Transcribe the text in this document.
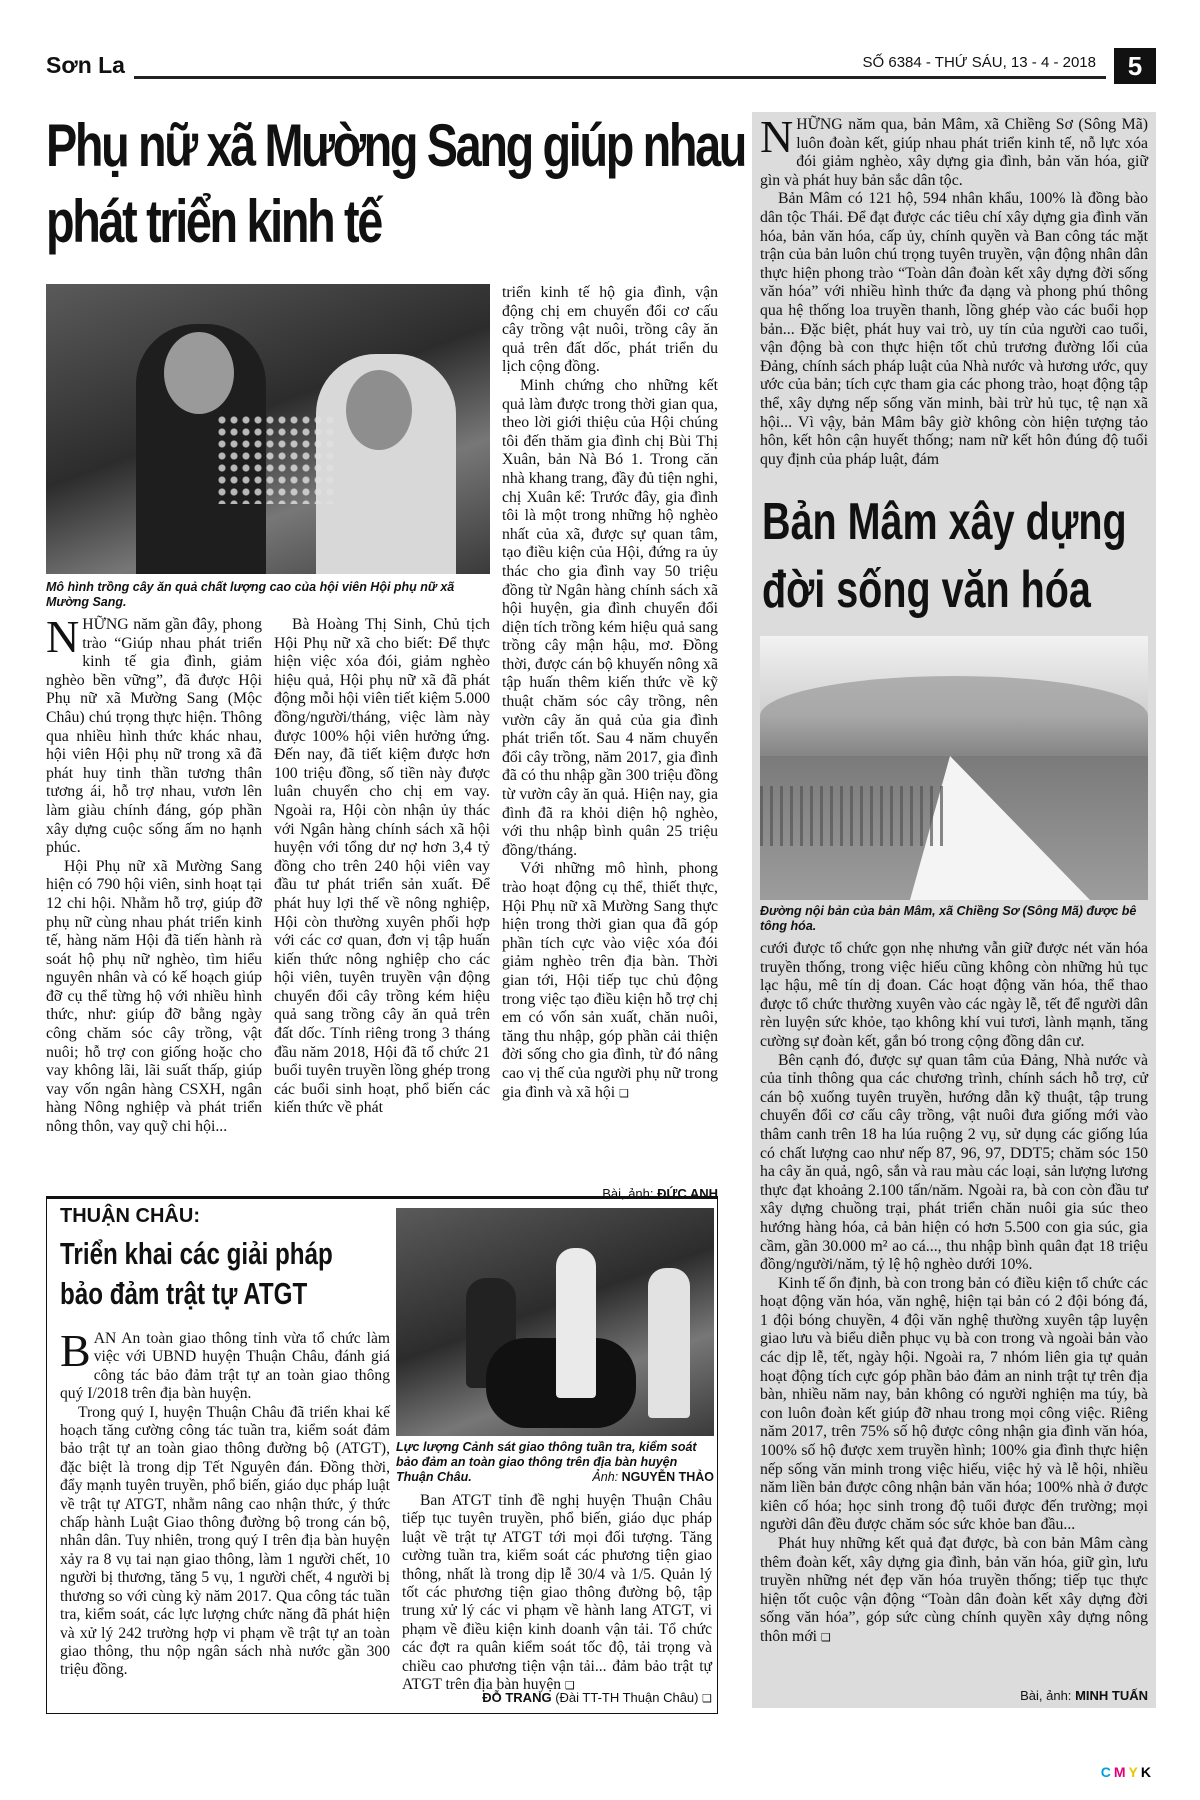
Sơn La	SỐ 6384 - THỨ SÁU, 13 - 4 - 2018	5
Phụ nữ xã Mường Sang giúp nhau
phát triển kinh tế
Mô hình trồng cây ăn quả chất lượng cao của hội viên Hội phụ nữ xã Mường Sang.

NHỮNG năm gần đây, phong trào “Giúp nhau phát triển kinh tế gia đình, giảm nghèo bền vững”, đã được Hội Phụ nữ xã Mường Sang (Mộc Châu) chú trọng thực hiện. Thông qua nhiều hình thức khác nhau, hội viên Hội phụ nữ trong xã đã phát huy tinh thần tương thân tương ái, hỗ trợ nhau, vươn lên làm giàu chính đáng, góp phần xây dựng cuộc sống ấm no hạnh phúc.

Hội Phụ nữ xã Mường Sang hiện có 790 hội viên, sinh hoạt tại 12 chi hội. Nhằm hỗ trợ, giúp đỡ phụ nữ cùng nhau phát triển kinh tế, hàng năm Hội đã tiến hành rà soát hộ phụ nữ nghèo, tìm hiểu nguyên nhân và có kế hoạch giúp đỡ cụ thể từng hộ với nhiều hình thức, như: giúp đỡ bằng ngày công chăm sóc cây trồng, vật nuôi; hỗ trợ con giống hoặc cho vay không lãi, lãi suất thấp, giúp vay vốn ngân hàng CSXH, ngân hàng Nông nghiệp và phát triển nông thôn, vay quỹ chi hội...

Bà Hoàng Thị Sinh, Chủ tịch Hội Phụ nữ xã cho biết: Để thực hiện việc xóa đói, giảm nghèo hiệu quả, Hội phụ nữ xã đã phát động mỗi hội viên tiết kiệm 5.000 đồng/người/tháng, việc làm này được 100% hội viên hưởng ứng. Đến nay, đã tiết kiệm được hơn 100 triệu đồng, số tiền này được luân chuyển cho chị em vay. Ngoài ra, Hội còn nhận ủy thác với Ngân hàng chính sách xã hội huyện với tổng dư nợ hơn 3,4 tỷ đồng cho trên 240 hội viên vay đầu tư phát triển sản xuất. Để phát huy lợi thế về nông nghiệp, Hội còn thường xuyên phối hợp với các cơ quan, đơn vị tập huấn kiến thức nông nghiệp cho các hội viên, tuyên truyền vận động chuyển đổi cây trồng kém hiệu quả sang trồng cây ăn quả trên đất dốc. Tính riêng trong 3 tháng đầu năm 2018, Hội đã tổ chức 21 buổi tuyên truyền lồng ghép trong các buổi sinh hoạt, phổ biến các kiến thức về phát

triển kinh tế hộ gia đình, vận động chị em chuyển đổi cơ cấu cây trồng vật nuôi, trồng cây ăn quả trên đất dốc, phát triển du lịch cộng đồng.

Minh chứng cho những kết quả làm được trong thời gian qua, theo lời giới thiệu của Hội chúng tôi đến thăm gia đình chị Bùi Thị Xuân, bản Nà Bó 1. Trong căn nhà khang trang, đầy đủ tiện nghi, chị Xuân kể: Trước đây, gia đình tôi là một trong những hộ nghèo nhất của xã, được sự quan tâm, tạo điều kiện của Hội, đứng ra ủy thác cho gia đình vay 50 triệu đồng từ Ngân hàng chính sách xã hội huyện, gia đình chuyển đổi diện tích trồng kém hiệu quả sang trồng cây mận hậu, mơ. Đồng thời, được cán bộ khuyến nông xã tập huấn thêm kiến thức về kỹ thuật chăm sóc cây trồng, nên vườn cây ăn quả của gia đình phát triển tốt. Sau 4 năm chuyển đổi cây trồng, năm 2017, gia đình đã có thu nhập gần 300 triệu đồng từ vườn cây ăn quả. Hiện nay, gia đình đã ra khỏi diện hộ nghèo, với thu nhập bình quân 25 triệu đồng/tháng.

Với những mô hình, phong trào hoạt động cụ thể, thiết thực, Hội Phụ nữ xã Mường Sang thực hiện trong thời gian qua đã góp phần tích cực vào việc xóa đói giảm nghèo trên địa bàn. Thời gian tới, Hội tiếp tục chủ động trong việc tạo điều kiện hỗ trợ chị em có vốn sản xuất, chăn nuôi, tăng thu nhập, góp phần cải thiện đời sống cho gia đình, từ đó nâng cao vị thế của người phụ nữ trong gia đình và xã hội ❑

Bài, ảnh: ĐỨC ANH
THUẬN CHÂU:
Triển khai các giải pháp
bảo đảm trật tự ATGT
Lực lượng Cảnh sát giao thông tuần tra, kiểm soát bảo đảm an toàn giao thông trên địa bàn huyện Thuận Châu.	Ảnh: NGUYỄN THẢO

BAN An toàn giao thông tỉnh vừa tổ chức làm việc với UBND huyện Thuận Châu, đánh giá công tác bảo đảm trật tự an toàn giao thông quý I/2018 trên địa bàn huyện.

Trong quý I, huyện Thuận Châu đã triển khai kế hoạch tăng cường công tác tuần tra, kiểm soát đảm bảo trật tự an toàn giao thông đường bộ (ATGT), đặc biệt là trong dịp Tết Nguyên đán. Đồng thời, đẩy mạnh tuyên truyền, phổ biến, giáo dục pháp luật về trật tự ATGT, nhằm nâng cao nhận thức, ý thức chấp hành Luật Giao thông đường bộ trong cán bộ, nhân dân. Tuy nhiên, trong quý I trên địa bàn huyện xảy ra 8 vụ tai nạn giao thông, làm 1 người chết, 10 người bị thương, tăng 5 vụ, 1 người chết, 4 người bị thương so với cùng kỳ năm 2017. Qua công tác tuần tra, kiểm soát, các lực lượng chức năng đã phát hiện và xử lý 242 trường hợp vi phạm về trật tự an toàn giao thông, thu nộp ngân sách nhà nước gần 300 triệu đồng.

Ban ATGT tỉnh đề nghị huyện Thuận Châu tiếp tục tuyên truyền, phổ biến, giáo dục pháp luật về trật tự ATGT tới mọi đối tượng. Tăng cường tuần tra, kiểm soát các phương tiện giao thông, nhất là trong dịp lễ 30/4 và 1/5. Quản lý tốt các phương tiện giao thông đường bộ, tập trung xử lý các vi phạm về hành lang ATGT, vi phạm về điều kiện kinh doanh vận tải. Tổ chức các đợt ra quân kiểm soát tốc độ, tải trọng và chiều cao phương tiện vận tải... đảm bảo trật tự ATGT trên địa bàn huyện ❑

ĐỖ TRANG (Đài TT-TH Thuận Châu) ❑

NHỮNG năm qua, bản Mâm, xã Chiềng Sơ (Sông Mã) luôn đoàn kết, giúp nhau phát triển kinh tế, nỗ lực xóa đói giảm nghèo, xây dựng gia đình, bản văn hóa, giữ gìn và phát huy bản sắc dân tộc.

Bản Mâm có 121 hộ, 594 nhân khẩu, 100% là đồng bào dân tộc Thái. Để đạt được các tiêu chí xây dựng gia đình văn hóa, bản văn hóa, cấp ủy, chính quyền và Ban công tác mặt trận của bản luôn chú trọng tuyên truyền, vận động nhân dân thực hiện phong trào “Toàn dân đoàn kết xây dựng đời sống văn hóa” với nhiều hình thức đa dạng và phong phú thông qua hệ thống loa truyền thanh, lồng ghép vào các buổi họp bản... Đặc biệt, phát huy vai trò, uy tín của người cao tuổi, vận động bà con thực hiện tốt chủ trương đường lối của Đảng, chính sách pháp luật của Nhà nước và hương ước, quy ước của bản; tích cực tham gia các phong trào, hoạt động tập thể, xây dựng nếp sống văn minh, bài trừ hủ tục, tệ nạn xã hội... Vì vậy, bản Mâm bây giờ không còn hiện tượng tảo hôn, kết hôn cận huyết thống; nam nữ kết hôn đúng độ tuổi quy định của pháp luật, đám

Bản Mâm xây dựng
đời sống văn hóa
Đường nội bản của bản Mâm, xã Chiềng Sơ (Sông Mã) được bê tông hóa.

cưới được tổ chức gọn nhẹ nhưng vẫn giữ được nét văn hóa truyền thống, trong việc hiếu cũng không còn những hủ tục lạc hậu, mê tín dị đoan. Các hoạt động văn hóa, thể thao được tổ chức thường xuyên vào các ngày lễ, tết để người dân rèn luyện sức khỏe, tạo không khí vui tươi, lành mạnh, tăng cường sự đoàn kết, gắn bó trong cộng đồng dân cư.

Bên cạnh đó, được sự quan tâm của Đảng, Nhà nước và của tỉnh thông qua các chương trình, chính sách hỗ trợ, cử cán bộ xuống tuyên truyền, hướng dẫn kỹ thuật, tập trung chuyển đổi cơ cấu cây trồng, vật nuôi đưa giống mới vào thâm canh trên 18 ha lúa ruộng 2 vụ, sử dụng các giống lúa có chất lượng cao như nếp 87, 96, 97, DDT5; chăm sóc 150 ha cây ăn quả, ngô, sắn và rau màu các loại, sản lượng lương thực đạt khoảng 2.100 tấn/năm. Ngoài ra, bà con còn đầu tư xây dựng chuồng trại, phát triển chăn nuôi gia súc theo hướng hàng hóa, cả bản hiện có hơn 5.500 con gia súc, gia cầm, gần 30.000 m² ao cá..., thu nhập bình quân đạt 18 triệu đồng/người/năm, tỷ lệ hộ nghèo dưới 10%.

Kinh tế ổn định, bà con trong bản có điều kiện tổ chức các hoạt động văn hóa, văn nghệ, hiện tại bản có 2 đội bóng đá, 1 đội bóng chuyền, 4 đội văn nghệ thường xuyên tập luyện giao lưu và biểu diễn phục vụ bà con trong và ngoài bản vào các dịp lễ, tết, ngày hội. Ngoài ra, 7 nhóm liên gia tự quản hoạt động tích cực góp phần bảo đảm an ninh trật tự trên địa bàn, nhiều năm nay, bản không có người nghiện ma túy, bà con luôn đoàn kết giúp đỡ nhau trong mọi công việc. Riêng năm 2017, trên 75% số hộ được công nhận gia đình văn hóa, 100% số hộ được xem truyền hình; 100% gia đình thực hiện nếp sống văn minh trong việc hiếu, việc hỷ và lễ hội, nhiều năm liền bản được công nhận bản văn hóa; 100% nhà ở được kiên cố hóa; học sinh trong độ tuổi được đến trường; mọi người dân đều được chăm sóc sức khỏe ban đầu...

Phát huy những kết quả đạt được, bà con bản Mâm càng thêm đoàn kết, xây dựng gia đình, bản văn hóa, giữ gìn, lưu truyền những nét đẹp văn hóa truyền thống; tiếp tục thực hiện tốt cuộc vận động “Toàn dân đoàn kết xây dựng đời sống văn hóa”, góp sức cùng chính quyền xây dựng nông thôn mới ❑

Bài, ảnh: MINH TUẤN
CMYK
